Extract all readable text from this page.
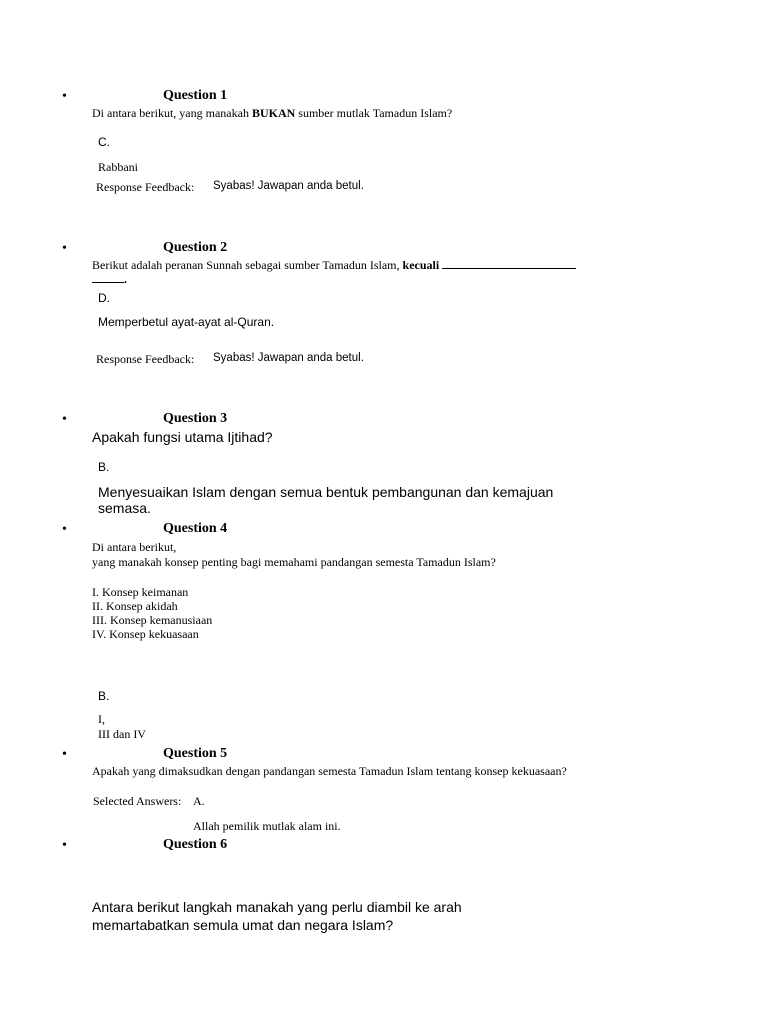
•	Question 1
Di antara berikut, yang manakah BUKAN sumber mutlak Tamadun Islam?
C.
Rabbani
Response Feedback: Syabas! Jawapan anda betul.
•	Question 2
Berikut adalah peranan Sunnah sebagai sumber Tamadun Islam, kecuali
.
D.
Memperbetul ayat-ayat al-Quran.
Response Feedback: Syabas! Jawapan anda betul.
•	Question 3
Apakah fungsi utama Ijtihad?
B.
Menyesuaikan Islam dengan semua bentuk pembangunan dan kemajuan
semasa.
•	Question 4
Di antara berikut,
yang manakah konsep penting bagi memahami pandangan semesta Tamadun Islam?
I. Konsep keimanan
II. Konsep akidah
III. Konsep kemanusiaan
IV. Konsep kekuasaan
B.
I,
III dan IV
•	Question 5
Apakah yang dimaksudkan dengan pandangan semesta Tamadun Islam tentang konsep kekuasaan?
Selected Answers: A.
Allah pemilik mutlak alam ini.
•	Question 6
Antara berikut langkah manakah yang perlu diambil ke arah
memartabatkan semula umat dan negara Islam?
